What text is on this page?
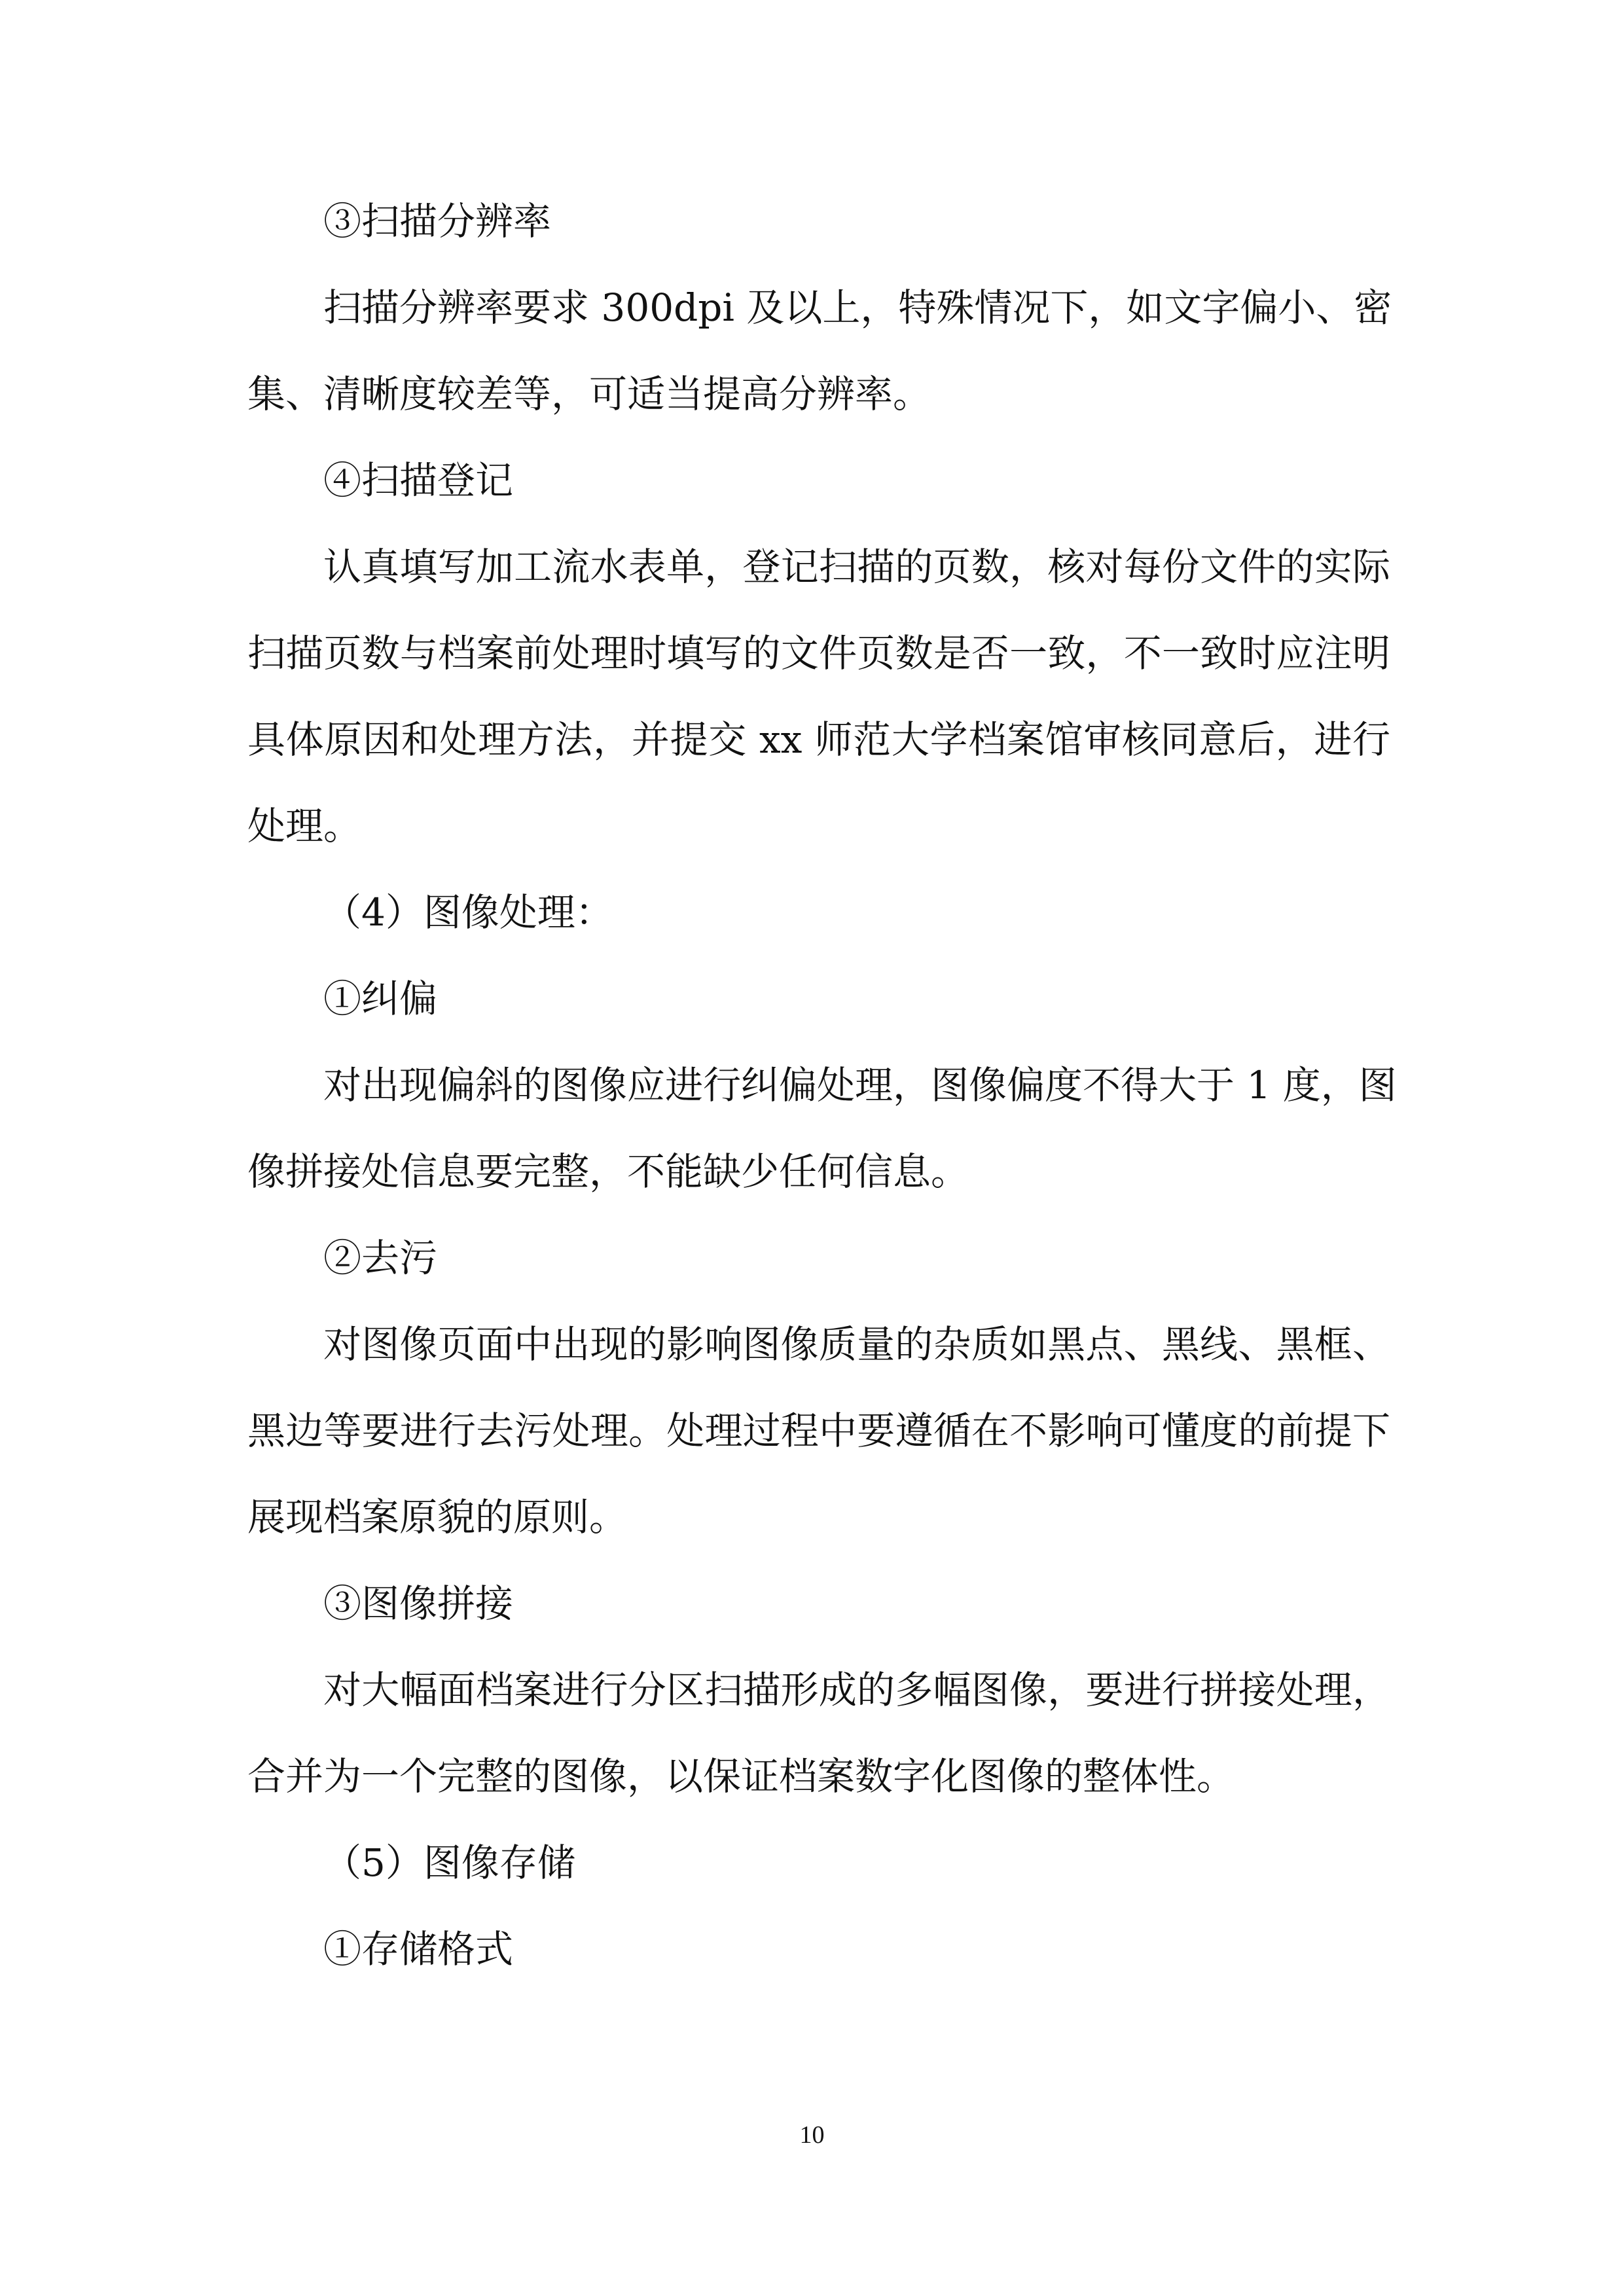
③扫描分辨率
扫描分辨率要求 300dpi 及以上，特殊情况下，如文字偏小、密
集、清晰度较差等，可适当提高分辨率。
④扫描登记
认真填写加工流水表单，登记扫描的页数，核对每份文件的实际
扫描页数与档案前处理时填写的文件页数是否一致，不一致时应注明
具体原因和处理方法，并提交 xx 师范大学档案馆审核同意后，进行
处理。
（4）图像处理：
①纠偏
对出现偏斜的图像应进行纠偏处理，图像偏度不得大于 1 度，图
像拼接处信息要完整，不能缺少任何信息。
②去污
对图像页面中出现的影响图像质量的杂质如黑点、黑线、黑框、
黑边等要进行去污处理。处理过程中要遵循在不影响可懂度的前提下
展现档案原貌的原则。
③图像拼接
对大幅面档案进行分区扫描形成的多幅图像，要进行拼接处理，
合并为一个完整的图像，以保证档案数字化图像的整体性。
（5）图像存储
①存储格式
10
